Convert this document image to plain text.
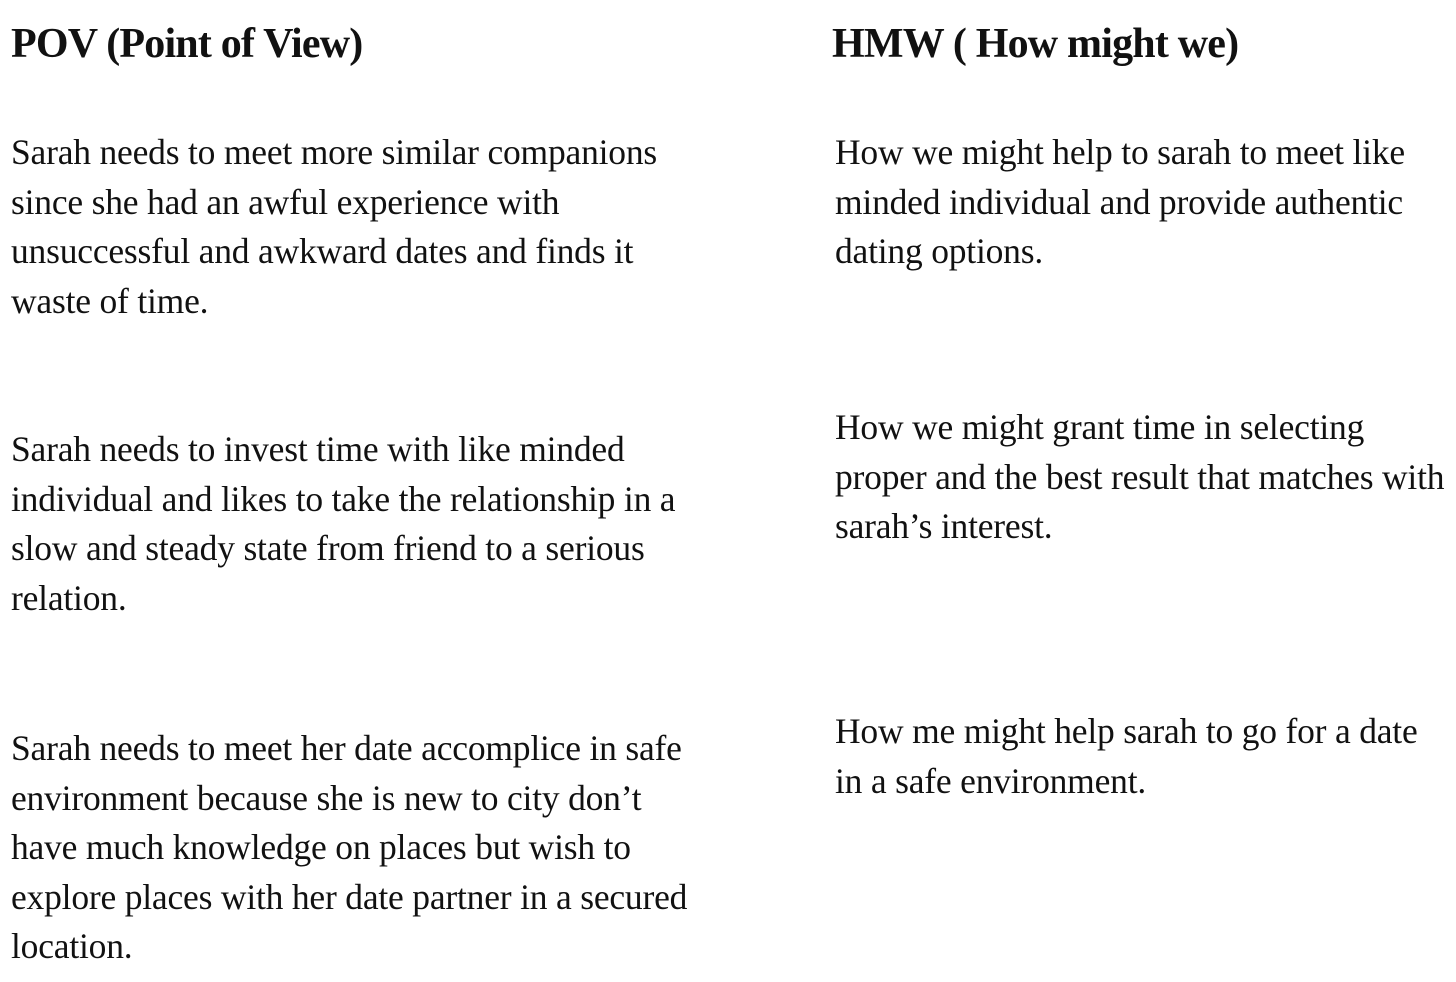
POV (Point of View)	HMW ( How might we)

Sarah needs to meet more similar companions since she had an awful experience with unsuccessful and awkward dates and finds it waste of time.

Sarah needs to invest time with like minded individual and likes to take the relationship in a slow and steady state from friend to a serious relation.

Sarah needs to meet her date accomplice in safe environment because she is new to city don’t have much knowledge on places but wish to explore places with her date partner in a secured location.

How we might help to sarah to meet like minded individual and provide authentic dating options.

How we might grant time in selecting proper and the best result that matches with sarah’s interest.

How me might help sarah to go for a date in a safe environment.
